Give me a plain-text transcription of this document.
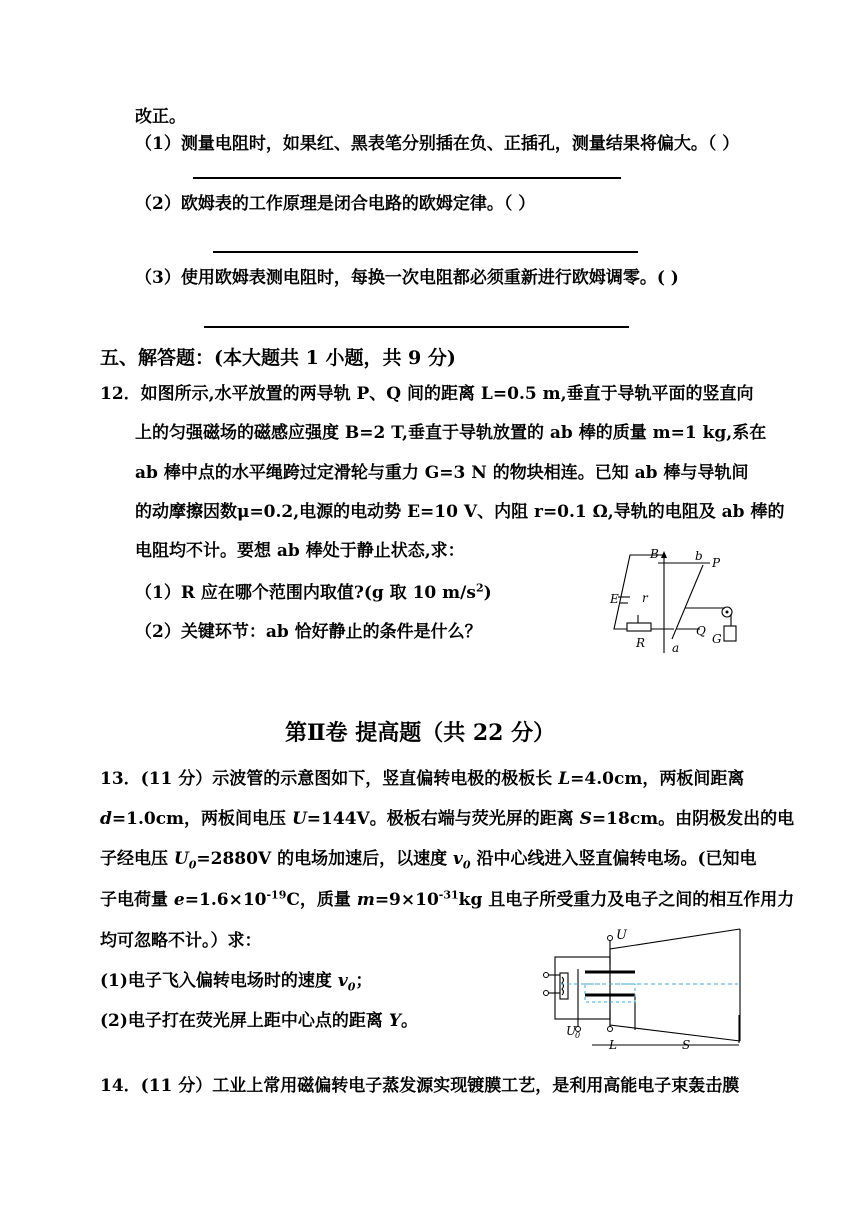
改正。
（1）测量电阻时，如果红、黑表笔分别插在负、正插孔，测量结果将偏大。（ ）
（2）欧姆表的工作原理是闭合电路的欧姆定律。（ ）
（3）使用欧姆表测电阻时，每换一次电阻都必须重新进行欧姆调零。( )
五、解答题：(本大题共 1 小题，共 9 分)
12．如图所示,水平放置的两导轨 P、Q 间的距离 L=0.5 m,垂直于导轨平面的竖直向
上的匀强磁场的磁感应强度 B=2 T,垂直于导轨放置的 ab 棒的质量 m=1 kg,系在
ab 棒中点的水平绳跨过定滑轮与重力 G=3 N 的物块相连。已知 ab 棒与导轨间
的动摩擦因数μ=0.2,电源的电动势 E=10 V、内阻 r=0.1 Ω,导轨的电阻及 ab 棒的
电阻均不计。要想 ab 棒处于静止状态,求：
（1）R 应在哪个范围内取值?(g 取 10 $m/s^2$)
（2）关键环节：ab 恰好静止的条件是什么？
B	b P
E r
Q
G
R a
第Ⅱ卷 提高题（共 22 分）
13．(11 分）示波管的示意图如下，竖直偏转电极的极板长 L=4.0cm，两板间距离
d=1.0cm，两板间电压 U=144V。极板右端与荧光屏的距离 S=18cm。由阴极发出的电
子经电压 $U_0=2880V$ 的电场加速后，以速度 $v_0$ 沿中心线进入竖直偏转电场。(已知电
子电荷量 $e=1.6\times 10^{-19}C$，质量 $m=9\times 10^{-31}kg$ 且电子所受重力及电子之间的相互作用力
均可忽略不计。）求：
(1)电子飞入偏转电场时的速度 $v_0$；
(2)电子打在荧光屏上距中心点的距离 Y。
U
U
0
L	S
14．(11 分）工业上常用磁偏转电子蒸发源实现镀膜工艺，是利用高能电子束轰击膜
